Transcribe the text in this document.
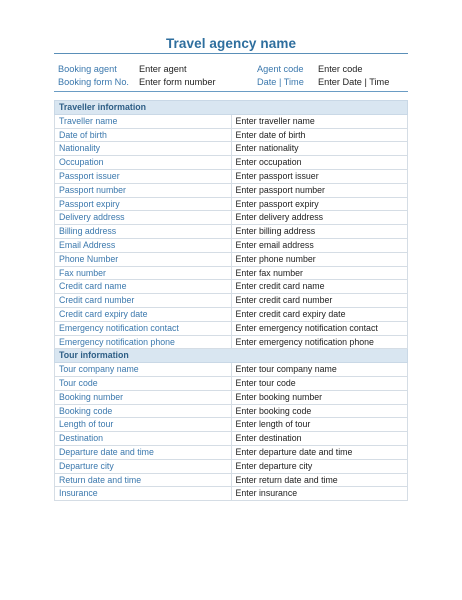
Travel agency name
Booking agent Enter agent	Agent code Enter code
Booking form No. Enter form number	Date | Time Enter Date | Time
Traveller information	
Traveller name	Enter traveller name
Date of birth	Enter date of birth
Nationality	Enter nationality
Occupation	Enter occupation
Passport issuer	Enter passport issuer
Passport number	Enter passport number
Passport expiry	Enter passport expiry
Delivery address	Enter delivery address
Billing address	Enter billing address
Email Address	Enter email address
Phone Number	Enter phone number
Fax number	Enter fax number
Credit card name	Enter credit card name
Credit card number	Enter credit card number
Credit card expiry date	Enter credit card expiry date
Emergency notification contact	Enter emergency notification contact
Emergency notification phone	Enter emergency notification phone
Tour information	
Tour company name	Enter tour company name
Tour code	Enter tour code
Booking number	Enter booking number
Booking code	Enter booking code
Length of tour	Enter length of tour
Destination	Enter destination
Departure date and time	Enter departure date and time
Departure city	Enter departure city
Return date and time	Enter return date and time
Insurance	Enter insurance
